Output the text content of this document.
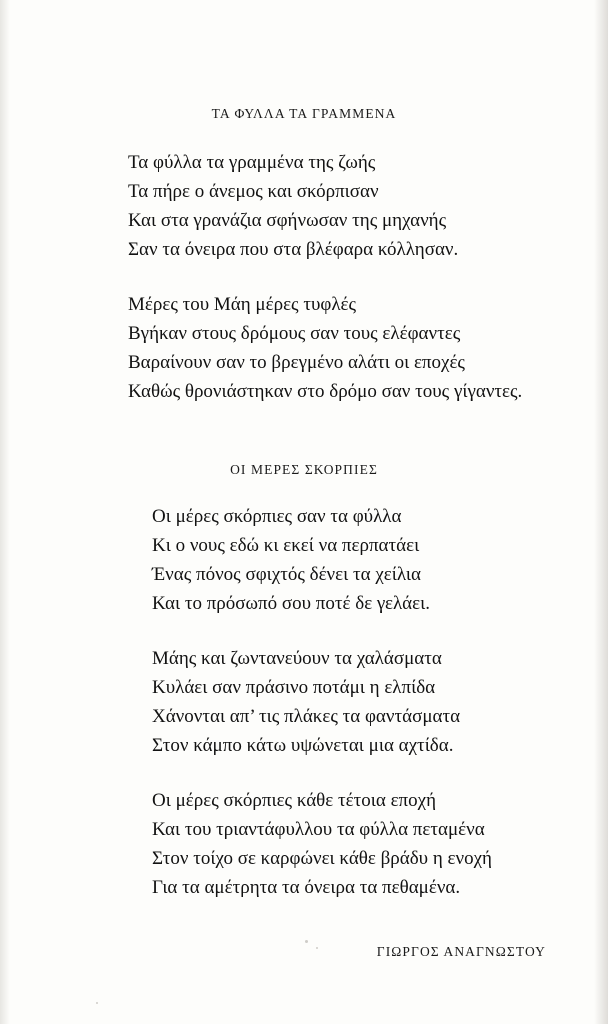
ΤΑ ΦΥΛΛΑ ΤΑ ΓΡΑΜΜΕΝΑ
Τα φύλλα τα γραμμένα της ζωής
Τα πήρε ο άνεμος και σκόρπισαν
Και στα γρανάζια σφήνωσαν της μηχανής
Σαν τα όνειρα που στα βλέφαρα κόλλησαν.
Μέρες του Μάη μέρες τυφλές
Βγήκαν στους δρόμους σαν τους ελέφαντες
Βαραίνουν σαν το βρεγμένο αλάτι οι εποχές
Καθώς θρονιάστηκαν στο δρόμο σαν τους γίγαντες.
ΟΙ ΜΕΡΕΣ ΣΚΟΡΠΙΕΣ
Οι μέρες σκόρπιες σαν τα φύλλα
Κι ο νους εδώ κι εκεί να περπατάει
Ένας πόνος σφιχτός δένει τα χείλια
Και το πρόσωπό σου ποτέ δε γελάει.
Μάης και ζωντανεύουν τα χαλάσματα
Κυλάει σαν πράσινο ποτάμι η ελπίδα
Χάνονται απ’ τις πλάκες τα φαντάσματα
Στον κάμπο κάτω υψώνεται μια αχτίδα.
Οι μέρες σκόρπιες κάθε τέτοια εποχή
Και του τριαντάφυλλου τα φύλλα πεταμένα
Στον τοίχο σε καρφώνει κάθε βράδυ η ενοχή
Για τα αμέτρητα τα όνειρα τα πεθαμένα.
ΓΙΩΡΓΟΣ ΑΝΑΓΝΩΣΤΟΥ
